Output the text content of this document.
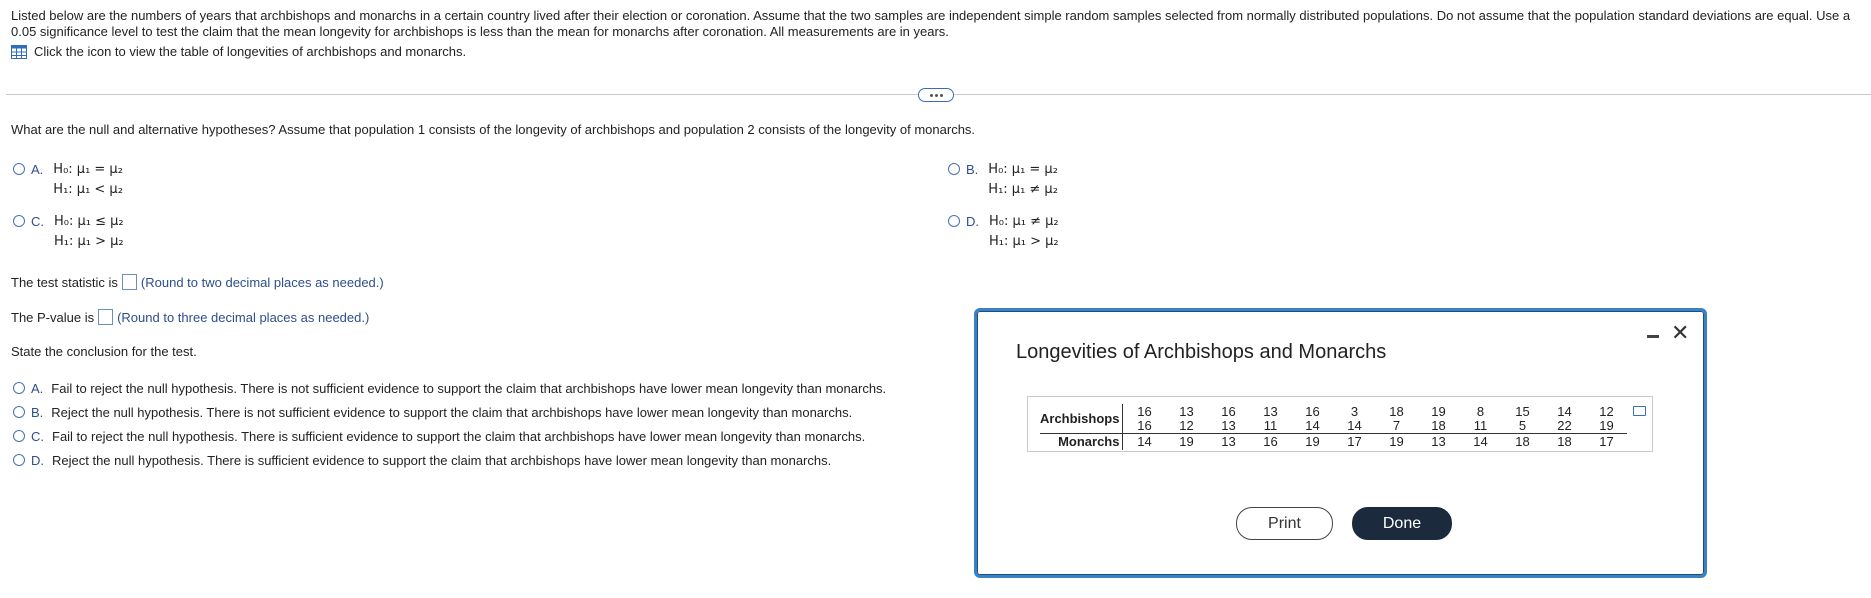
Listed below are the numbers of years that archbishops and monarchs in a certain country lived after their election or coronation. Assume that the two samples are independent simple random samples selected from normally distributed populations. Do not assume that the population standard deviations are equal. Use a 0.05 significance level to test the claim that the mean longevity for archbishops is less than the mean for monarchs after coronation. All measurements are in years.
Click the icon to view the table of longevities of archbishops and monarchs.
What are the null and alternative hypotheses? Assume that population 1 consists of the longevity of archbishops and population 2 consists of the longevity of monarchs.
A. H₀: μ₁ = μ₂
H₁: μ₁ < μ₂
B. H₀: μ₁ = μ₂
H₁: μ₁ ≠ μ₂
C. H₀: μ₁ ≤ μ₂
H₁: μ₁ > μ₂
D. H₀: μ₁ ≠ μ₂
H₁: μ₁ > μ₂
The test statistic is (Round to two decimal places as needed.)
The P-value is (Round to three decimal places as needed.)
State the conclusion for the test.
A. Fail to reject the null hypothesis. There is not sufficient evidence to support the claim that archbishops have lower mean longevity than monarchs.
B. Reject the null hypothesis. There is not sufficient evidence to support the claim that archbishops have lower mean longevity than monarchs.
C. Fail to reject the null hypothesis. There is sufficient evidence to support the claim that archbishops have lower mean longevity than monarchs.
D. Reject the null hypothesis. There is sufficient evidence to support the claim that archbishops have lower mean longevity than monarchs.
Longevities of Archbishops and Monarchs
✕
Archbishops	16	13	16	13	16	3	18	19	8	15	14	12
	16	12	13	11	14	14	7	18	11	5	22	19
Monarchs	14	19	13	16	19	17	19	13	14	18	18	17
Print	Done
